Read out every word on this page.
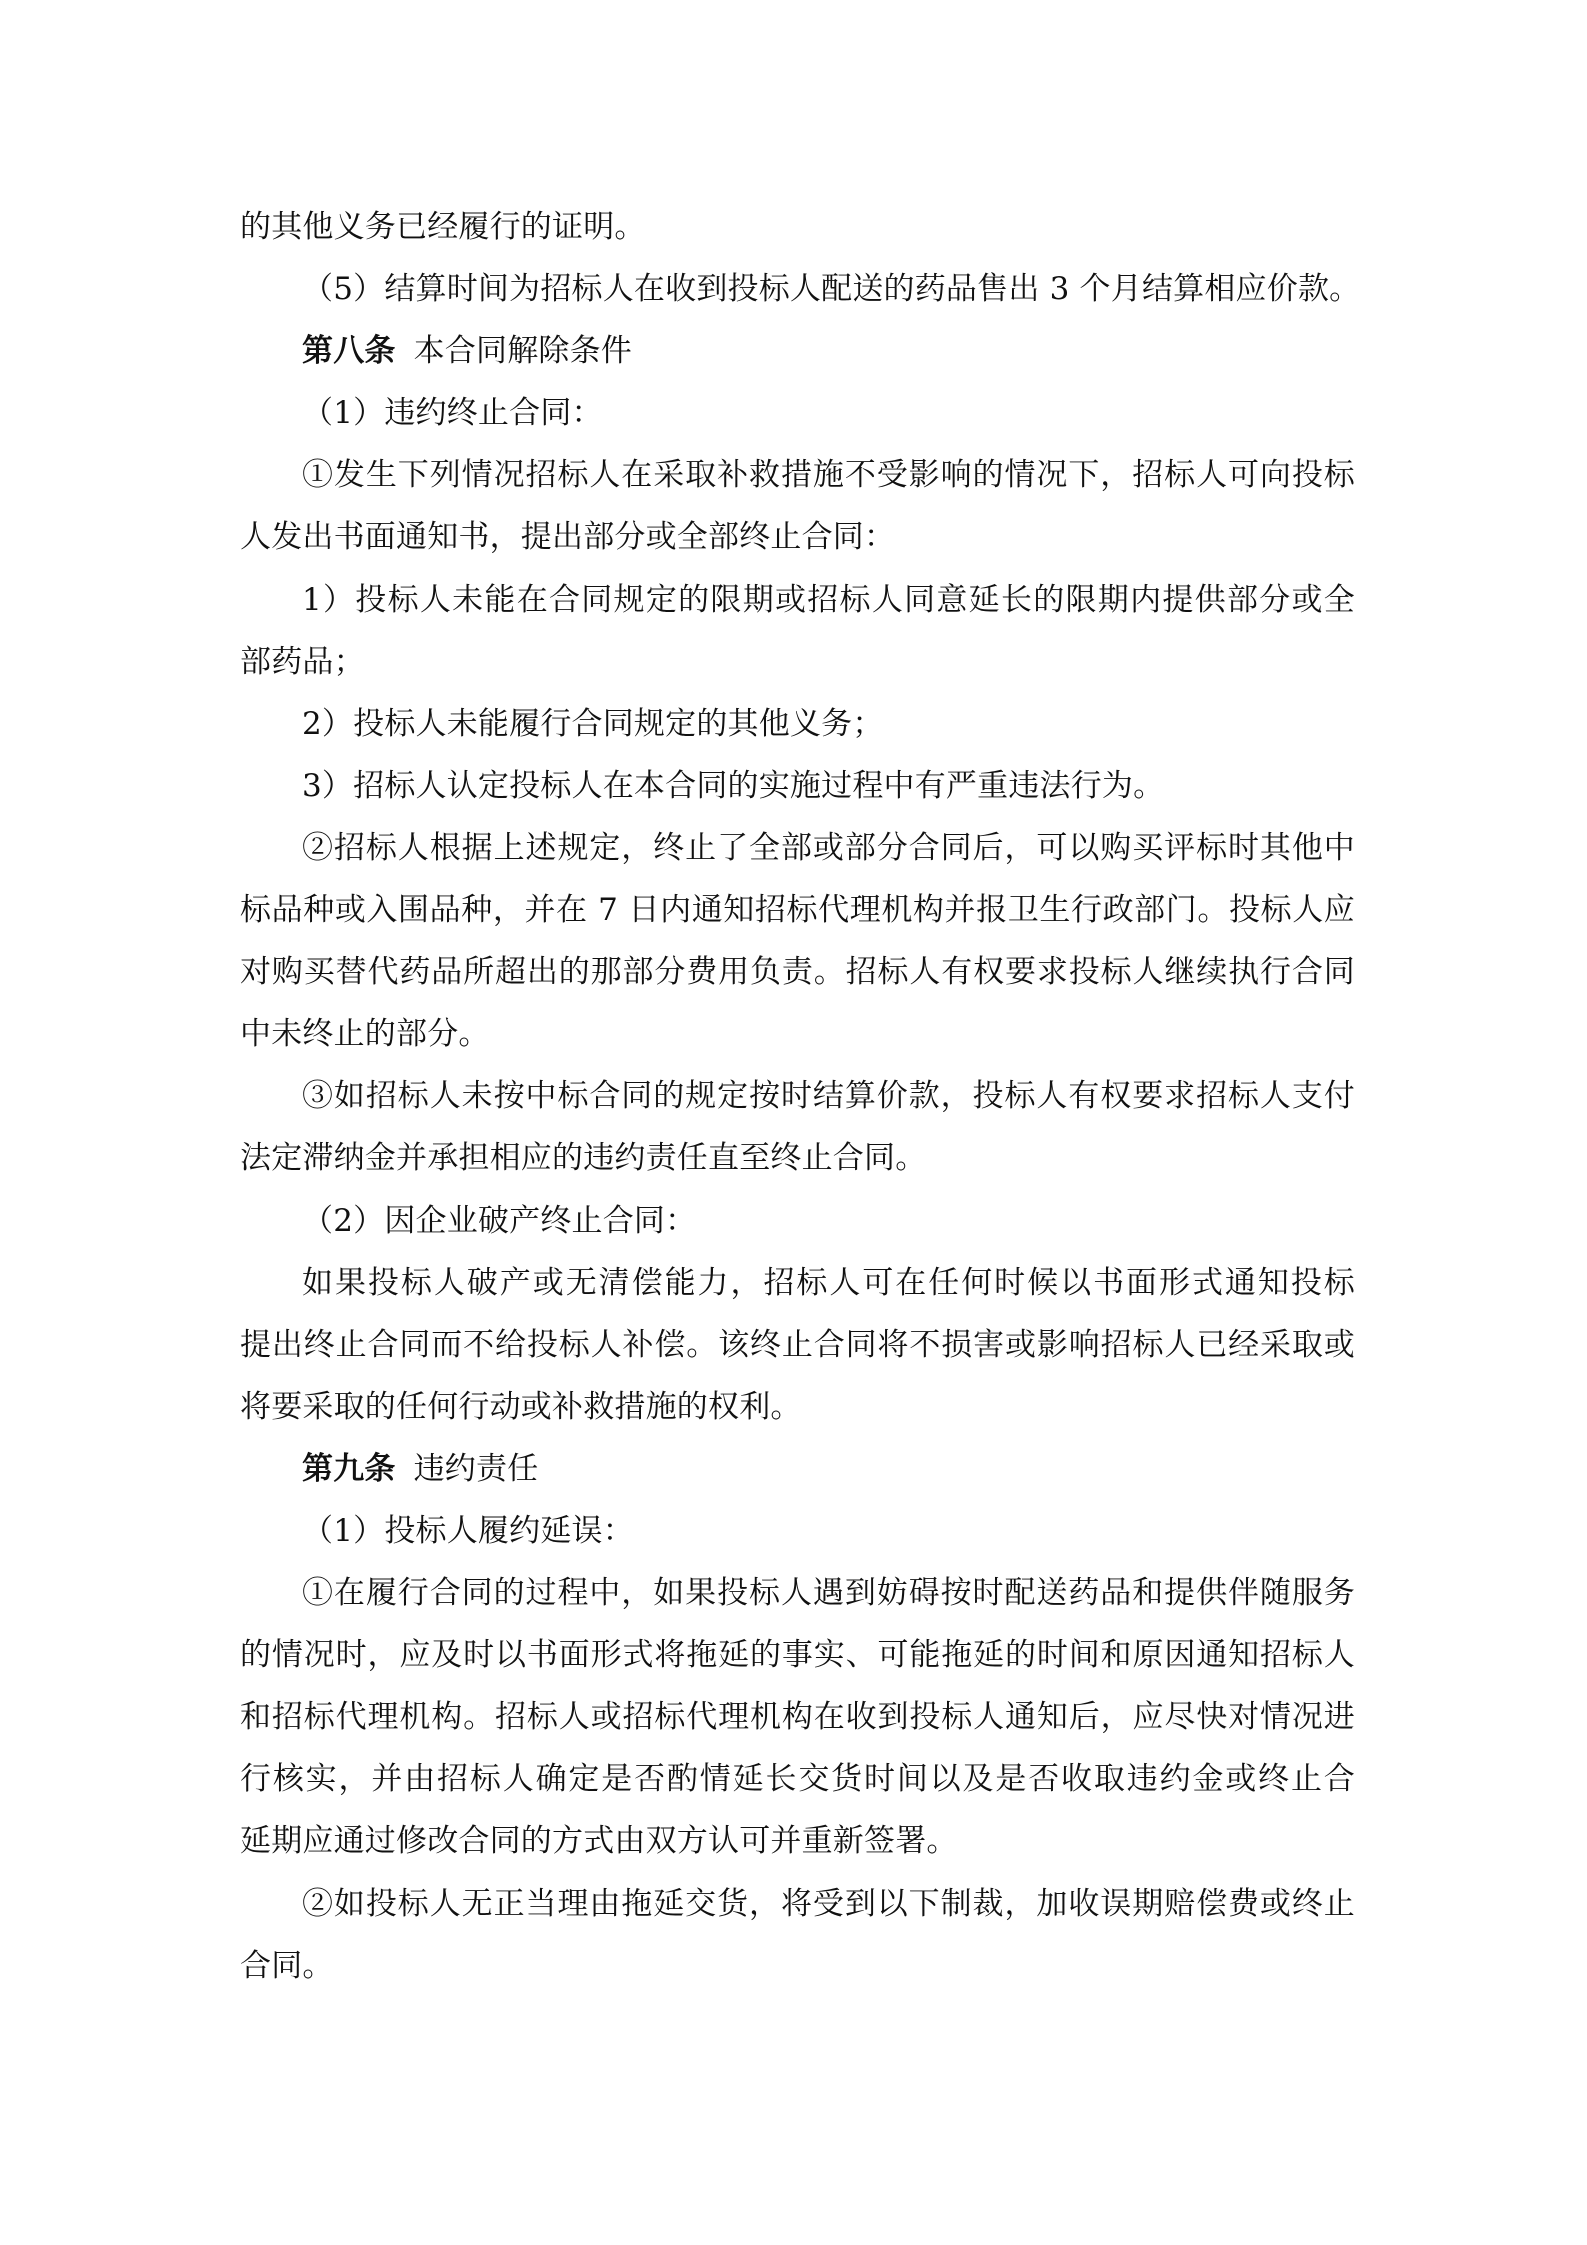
的其他义务已经履行的证明。
（5）结算时间为招标人在收到投标人配送的药品售出 3 个月结算相应价款。
第八条 本合同解除条件
（1）违约终止合同：
①发生下列情况招标人在采取补救措施不受影响的情况下，招标人可向投标
人发出书面通知书，提出部分或全部终止合同：
1）投标人未能在合同规定的限期或招标人同意延长的限期内提供部分或全
部药品；
2）投标人未能履行合同规定的其他义务；
3）招标人认定投标人在本合同的实施过程中有严重违法行为。
②招标人根据上述规定，终止了全部或部分合同后，可以购买评标时其他中
标品种或入围品种，并在 7 日内通知招标代理机构并报卫生行政部门。投标人应
对购买替代药品所超出的那部分费用负责。招标人有权要求投标人继续执行合同
中未终止的部分。
③如招标人未按中标合同的规定按时结算价款，投标人有权要求招标人支付
法定滞纳金并承担相应的违约责任直至终止合同。
（2）因企业破产终止合同：
如果投标人破产或无清偿能力，招标人可在任何时候以书面形式通知投标
提出终止合同而不给投标人补偿。该终止合同将不损害或影响招标人已经采取或
将要采取的任何行动或补救措施的权利。
第九条 违约责任
（1）投标人履约延误：
①在履行合同的过程中，如果投标人遇到妨碍按时配送药品和提供伴随服务
的情况时，应及时以书面形式将拖延的事实、可能拖延的时间和原因通知招标人
和招标代理机构。招标人或招标代理机构在收到投标人通知后，应尽快对情况进
行核实，并由招标人确定是否酌情延长交货时间以及是否收取违约金或终止合
延期应通过修改合同的方式由双方认可并重新签署。
②如投标人无正当理由拖延交货，将受到以下制裁，加收误期赔偿费或终止
合同。
